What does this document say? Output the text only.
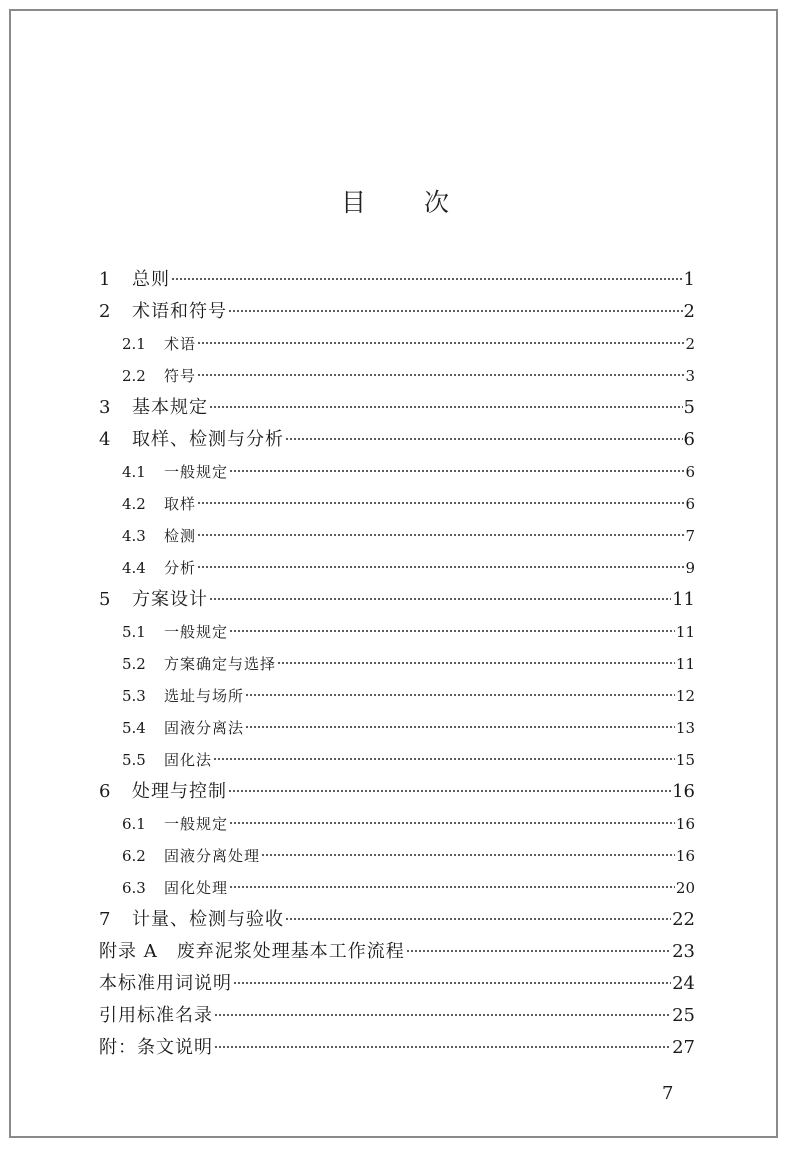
目次
1	总则	1
2	术语和符号	2
2.1	术语	2
2.2	符号	3
3	基本规定	5
4	取样、检测与分析	6
4.1	一般规定	6
4.2	取样	6
4.3	检测	7
4.4	分析	9
5	方案设计	11
5.1	一般规定	11
5.2	方案确定与选择	11
5.3	选址与场所	12
5.4	固液分离法	13
5.5	固化法	15
6	处理与控制	16
6.1	一般规定	16
6.2	固液分离处理	16
6.3	固化处理	20
7	计量、检测与验收	22
附录 A　废弃泥浆处理基本工作流程	23
本标准用词说明	24
引用标准名录	25
附：条文说明	27
7
